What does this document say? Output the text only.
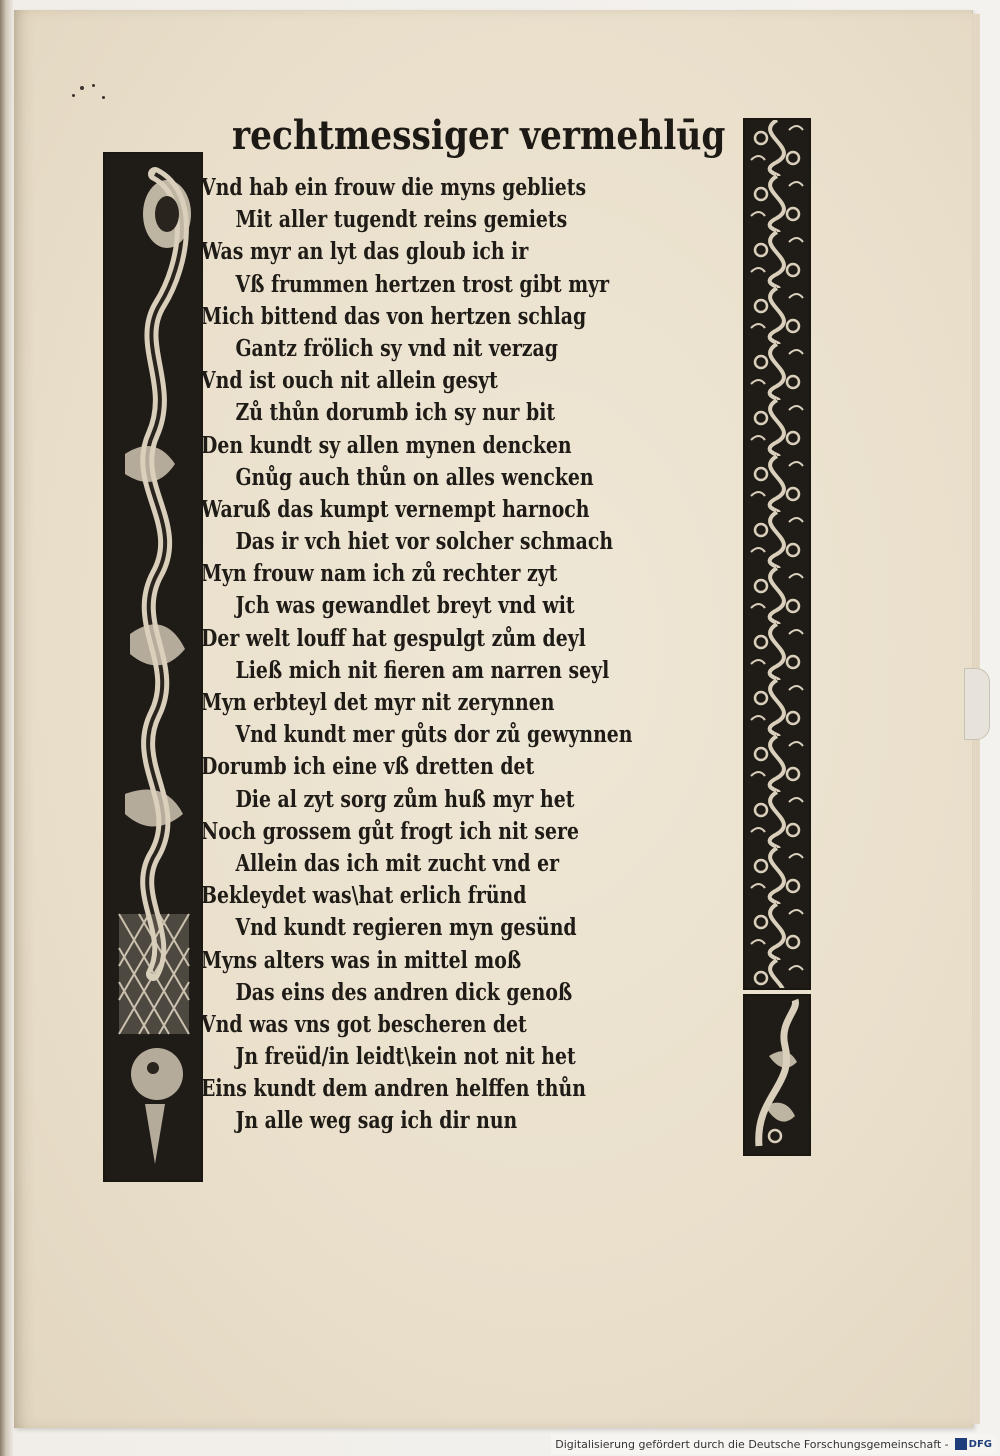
rechtmessiger vermehlūg
Vnd hab ein frouw die myns gebliets
Mit aller tugendt reins gemiets
Was myr an lyt das gloub ich ir
Vß frummen hertzen trost gibt myr
Mich bittend das von hertzen schlag
Gantz frölich sy vnd nit verzag
Vnd ist ouch nit allein gesyt
Zů thůn dorumb ich sy nur bit
Den kundt sy allen mynen dencken
Gnůg auch thůn on alles wencken
Waruß das kumpt vernempt harnoch
Das ir vch hiet vor solcher schmach
Myn frouw nam ich zů rechter zyt
Jch was gewandlet breyt vnd wit
Der welt louff hat gespulgt zům deyl
Ließ mich nit fieren am narren seyl
Myn erbteyl det myr nit zerynnen
Vnd kundt mer gůts dor zů gewynnen
Dorumb ich eine vß dretten det
Die al zyt sorg zům huß myr het
Noch grossem gůt frogt ich nit sere
Allein das ich mit zucht vnd er
Bekleydet was\hat erlich fründ
Vnd kundt regieren myn gesünd
Myns alters was in mittel moß
Das eins des andren dick genoß
Vnd was vns got bescheren det
Jn freüd/in leidt\kein not nit het
Eins kundt dem andren helffen thůn
Jn alle weg sag ich dir nun
Digitalisierung gefördert durch die Deutsche Forschungsgemeinschaft - DFG
